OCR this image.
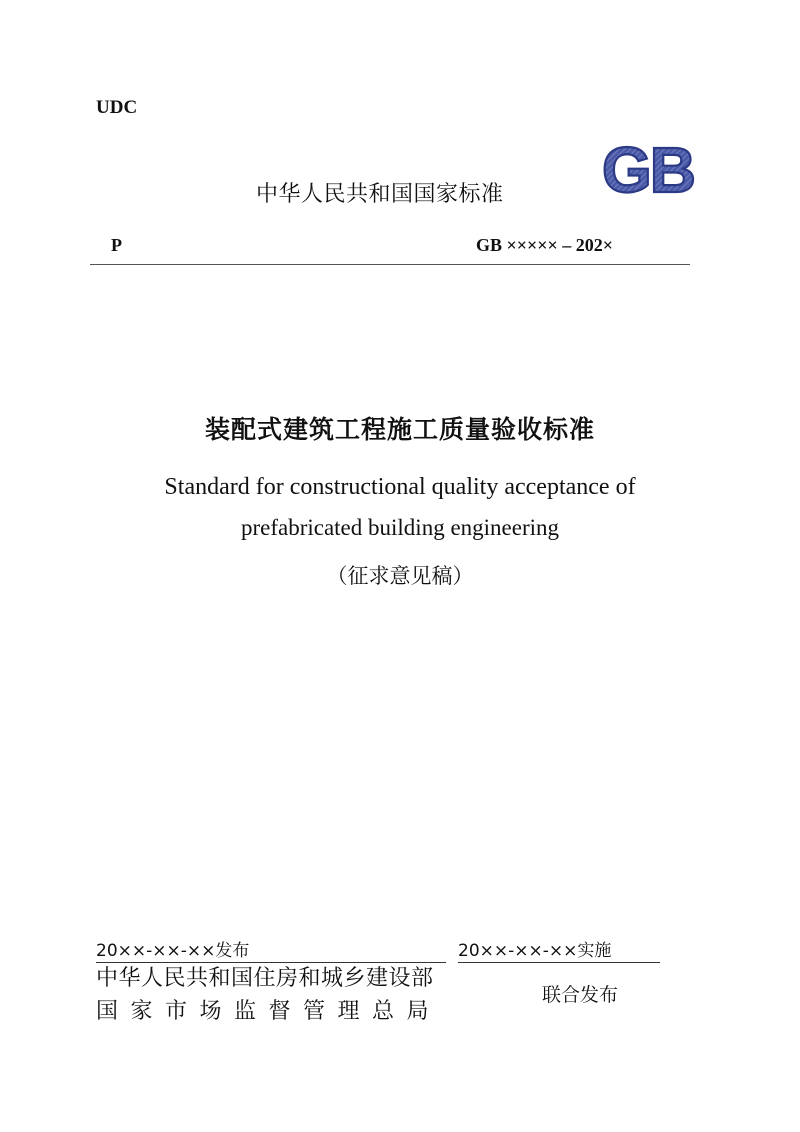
UDC
中华人民共和国国家标准 GB
P	GB ××××× – 202×
装配式建筑工程施工质量验收标准
Standard for constructional quality acceptance of
prefabricated building engineering
（征求意见稿）
20××-××-××发布	20××-××-××实施
中华人民共和国住房和城乡建设部
国家市场监督管理总局
联合发布
